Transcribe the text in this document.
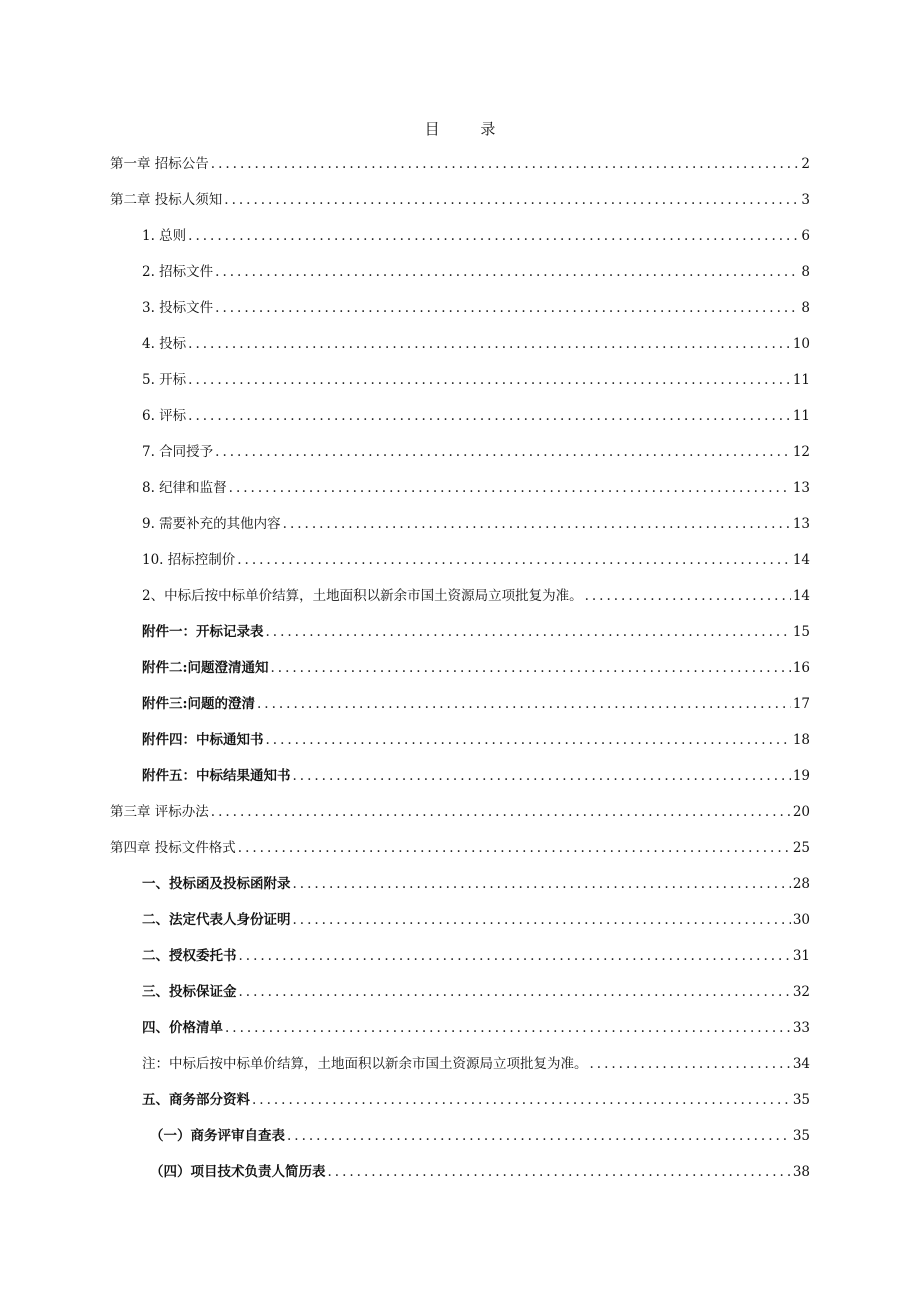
目 录
第一章 招标公告 .....	2
第二章 投标人须知 .....	3
1. 总则 .....	6
2. 招标文件 .....	8
3. 投标文件 .....	8
4. 投标 .....	10
5. 开标 .....	11
6. 评标 .....	11
7. 合同授予 .....	12
8. 纪律和监督 .....	13
9. 需要补充的其他内容 .....	13
10. 招标控制价 .....	14
2、中标后按中标单价结算，土地面积以新余市国土资源局立项批复为准。 .....	14
附件一：开标记录表 .....	15
附件二:问题澄清通知 .....	16
附件三:问题的澄清 .....	17
附件四：中标通知书 .....	18
附件五：中标结果通知书 .....	19
第三章 评标办法 .....	20
第四章 投标文件格式 .....	25
一、投标函及投标函附录 .....	28
二、法定代表人身份证明 .....	30
二、授权委托书 .....	31
三、投标保证金 .....	32
四、价格清单 .....	33
注：中标后按中标单价结算，土地面积以新余市国土资源局立项批复为准。 .....	34
五、商务部分资料 .....	35
（一）商务评审自查表 .....	35
（四）项目技术负责人简历表 .....	38
